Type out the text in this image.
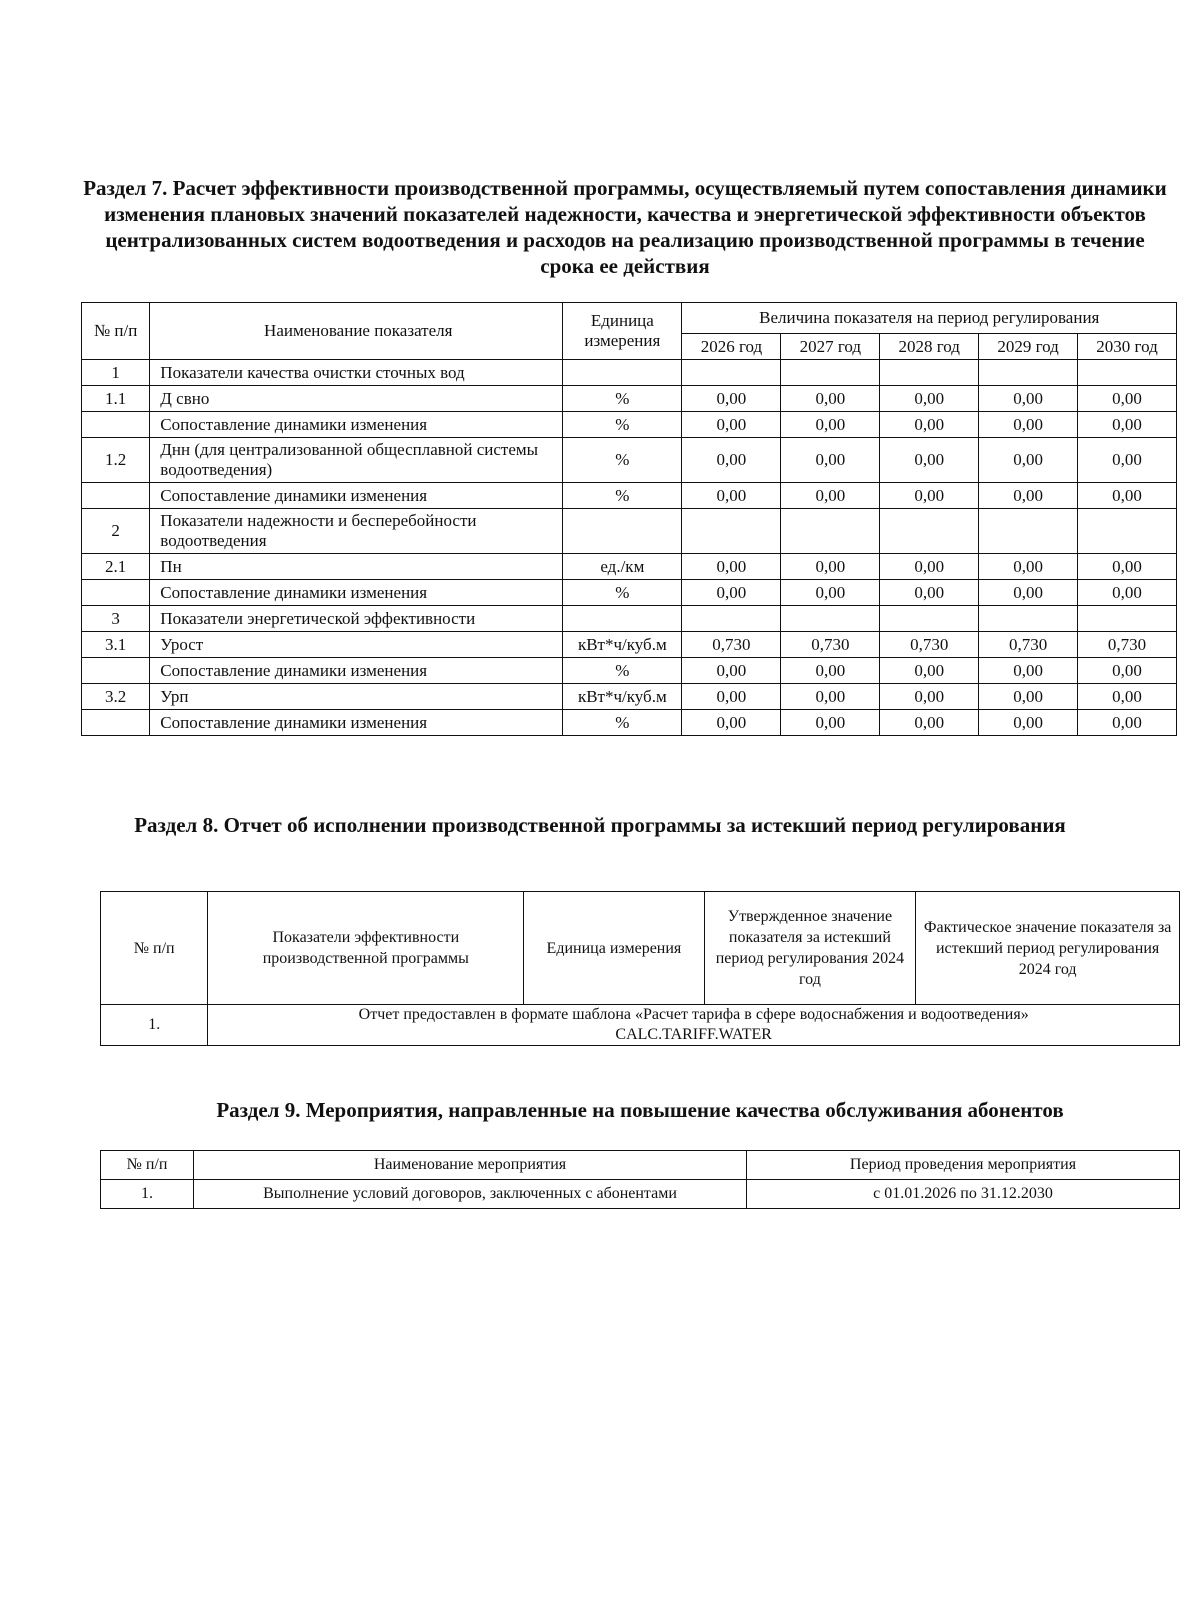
Раздел 7. Расчет эффективности производственной программы, осуществляемый путем сопоставления динамики изменения плановых значений показателей надежности, качества и энергетической эффективности объектов централизованных систем водоотведения и расходов на реализацию производственной программы в течение срока ее действия
№ п/п	Наименование показателя	Единица измерения	Величина показателя на период регулирования				
			2026 год	2027 год	2028 год	2029 год	2030 год
1	Показатели качества очистки сточных вод						
1.1	Д свно	%	0,00	0,00	0,00	0,00	0,00
	Сопоставление динамики изменения	%	0,00	0,00	0,00	0,00	0,00
1.2	Днн (для централизованной общесплавной системы водоотведения)	%	0,00	0,00	0,00	0,00	0,00
	Сопоставление динамики изменения	%	0,00	0,00	0,00	0,00	0,00
2	Показатели надежности и бесперебойности водоотведения						
2.1	Пн	ед./км	0,00	0,00	0,00	0,00	0,00
	Сопоставление динамики изменения	%	0,00	0,00	0,00	0,00	0,00
3	Показатели энергетической эффективности						
3.1	Урост	кВт*ч/куб.м	0,730	0,730	0,730	0,730	0,730
	Сопоставление динамики изменения	%	0,00	0,00	0,00	0,00	0,00
3.2	Урп	кВт*ч/куб.м	0,00	0,00	0,00	0,00	0,00
	Сопоставление динамики изменения	%	0,00	0,00	0,00	0,00	0,00
Раздел 8. Отчет об исполнении производственной программы за истекший период регулирования
№ п/п	Показатели эффективности производственной программы	Единица измерения	Утвержденное значение показателя за истекший период регулирования 2024 год	Фактическое значение показателя за истекший период регулирования 2024 год
1.	Отчет предоставлен в формате шаблона «Расчет тарифа в сфере водоснабжения и водоотведения»
CALC.TARIFF.WATER			
Раздел 9. Мероприятия, направленные на повышение качества обслуживания абонентов
№ п/п	Наименование мероприятия	Период проведения мероприятия
1.	Выполнение условий договоров, заключенных с абонентами	с 01.01.2026 по 31.12.2030
